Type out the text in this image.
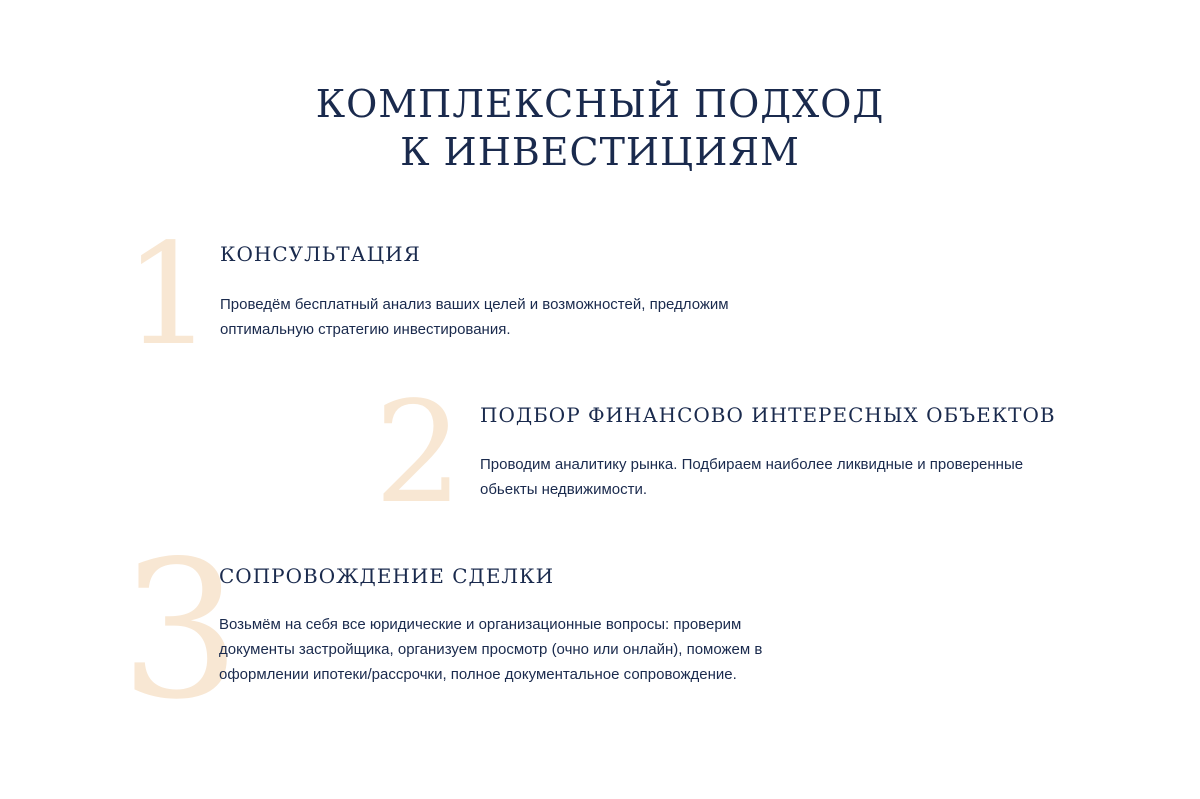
КОМПЛЕКСНЫЙ ПОДХОД
К ИНВЕСТИЦИЯМ
1 КОНСУЛЬТАЦИЯ

Проведём бесплатный анализ ваших целей и возможностей, предложим оптимальную стратегию инвестирования.

2 ПОДБОР ФИНАНСОВО ИНТЕРЕСНЫХ ОБЪЕКТОВ

Проводим аналитику рынка. Подбираем наиболее ликвидные и проверенные обьекты недвижимости.

3
СОПРОВОЖДЕНИЕ СДЕЛКИ

Возьмём на себя все юридические и организационные вопросы: проверим документы застройщика, организуем просмотр (очно или онлайн), поможем в оформлении ипотеки/рассрочки, полное документальное сопровождение.
